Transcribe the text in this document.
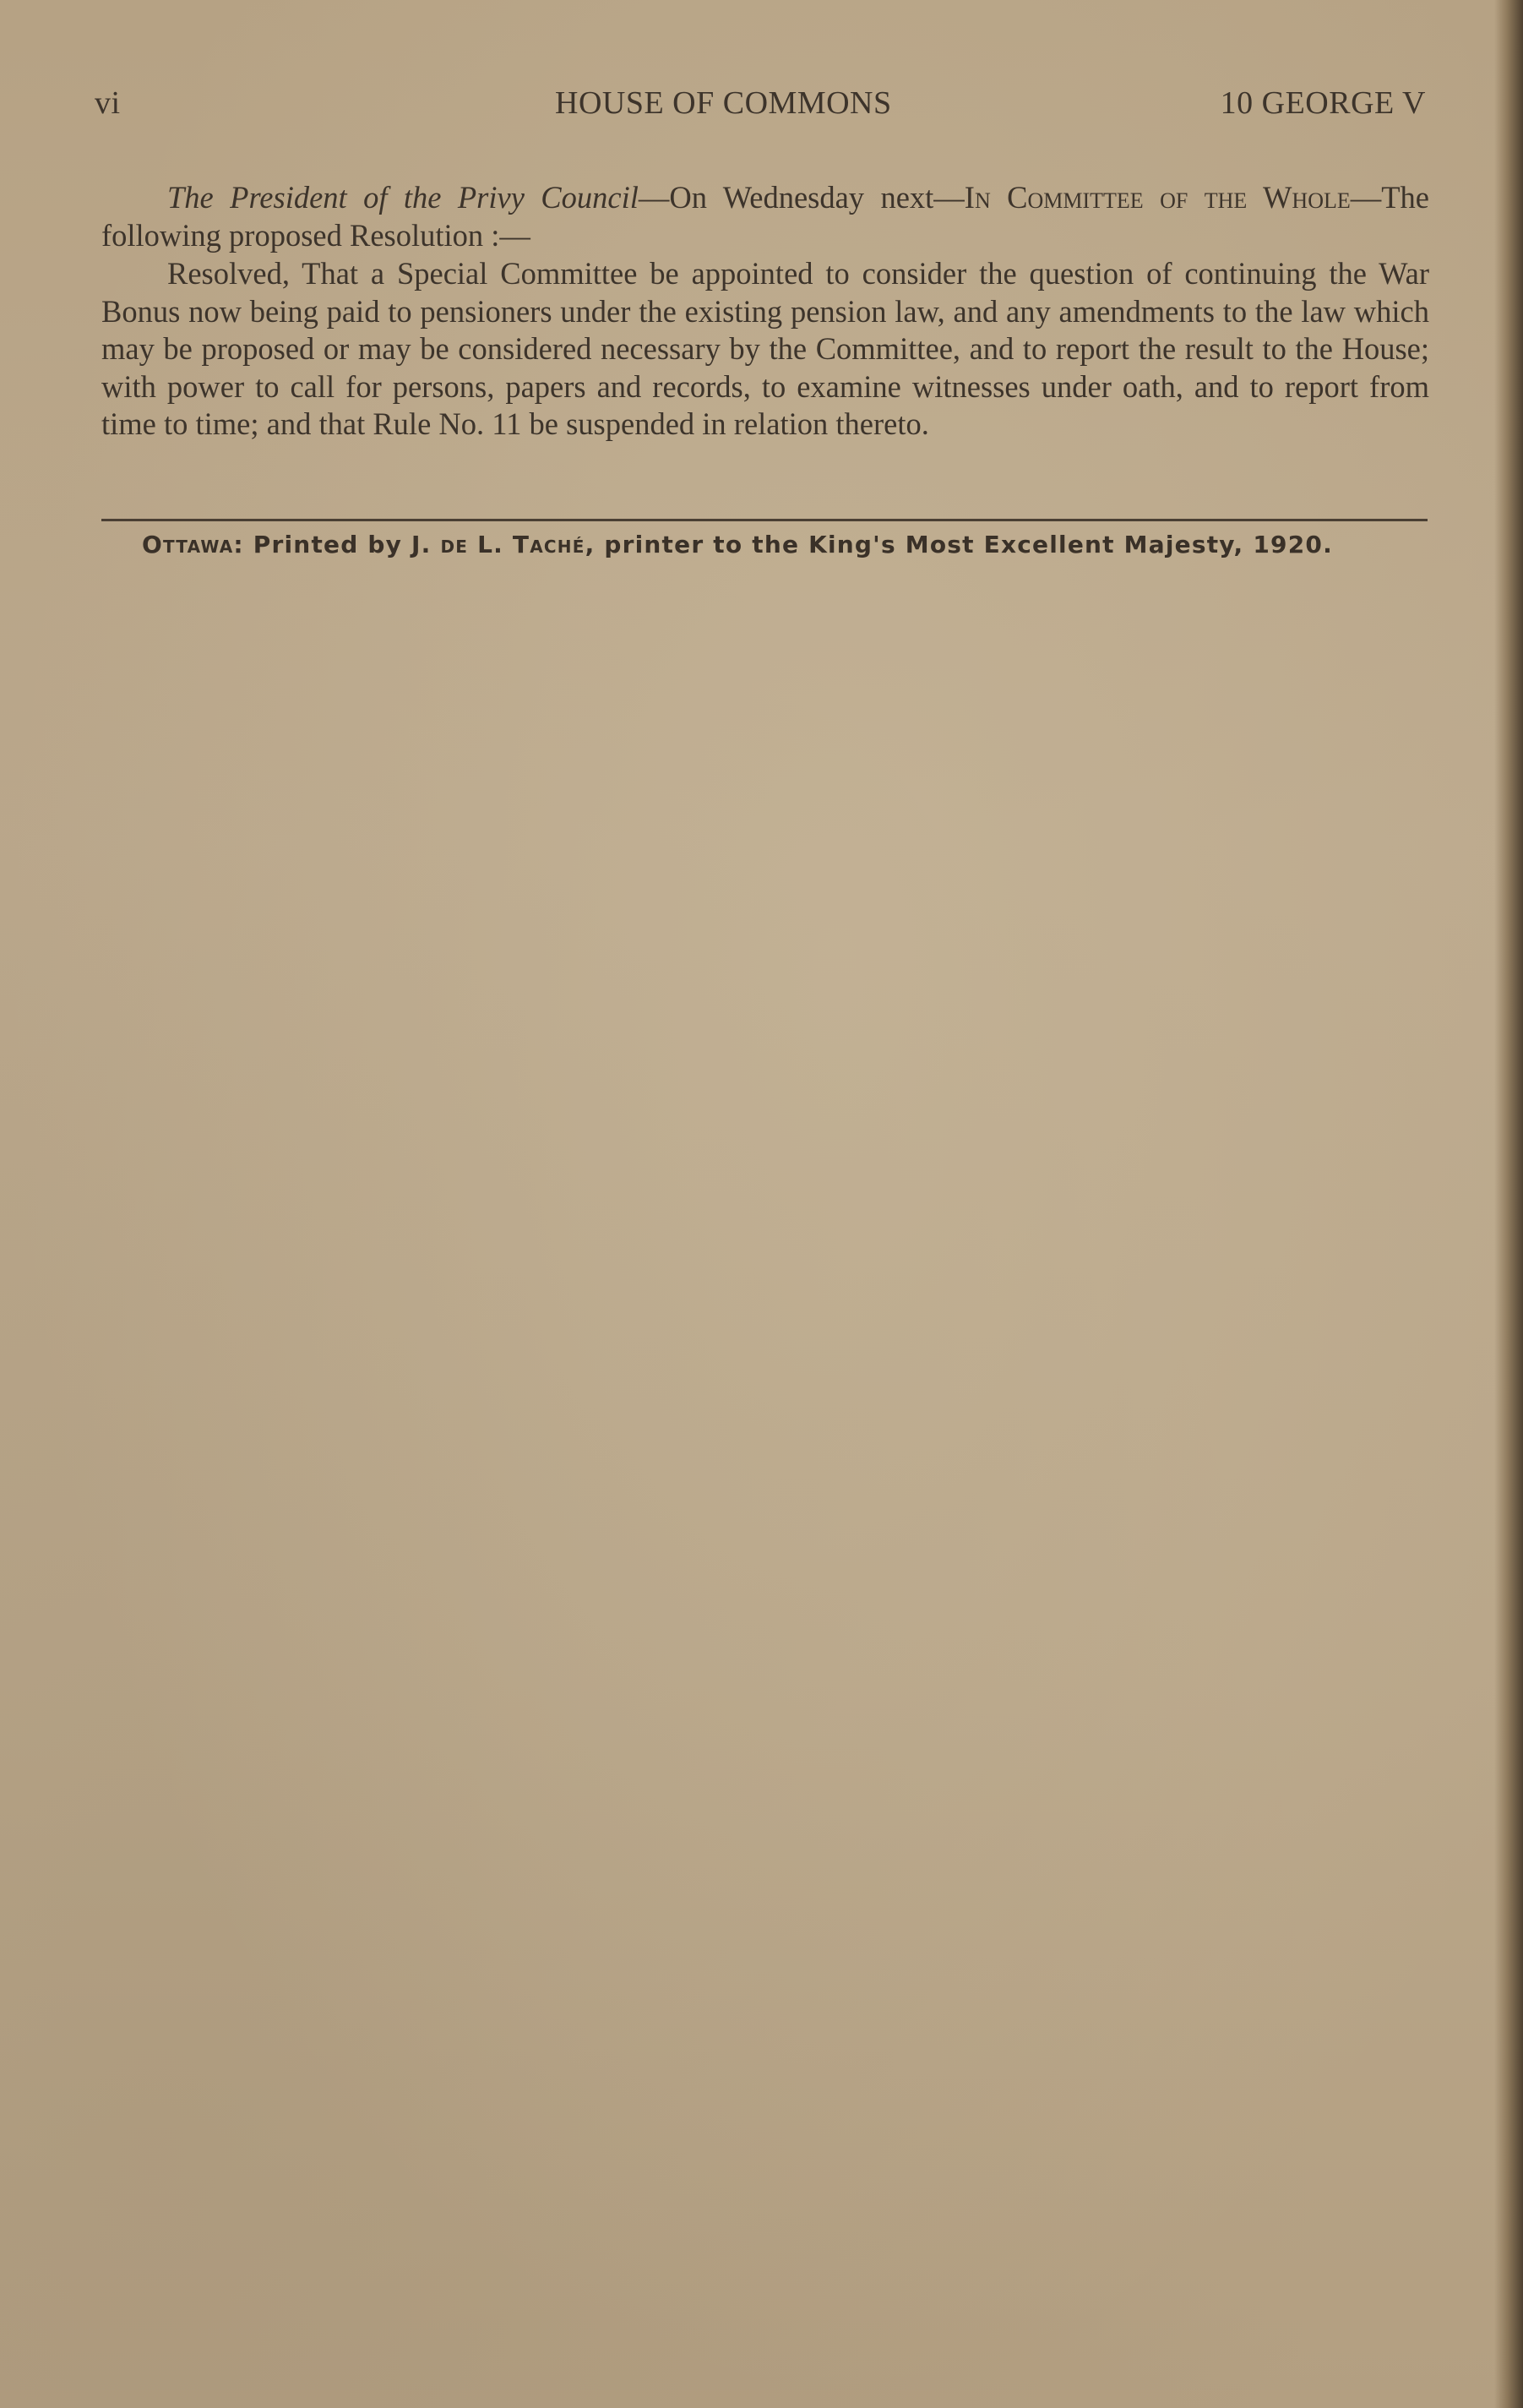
vi	HOUSE OF COMMONS	10 GEORGE V

The President of the Privy Council—On Wednesday next—In Committee of the Whole—The following proposed Resolution :—

Resolved, That a Special Committee be appointed to consider the question of continuing the War Bonus now being paid to pensioners under the existing pension law, and any amendments to the law which may be proposed or may be considered necessary by the Committee, and to report the result to the House; with power to call for persons, papers and records, to examine witnesses under oath, and to report from time to time; and that Rule No. 11 be suspended in relation thereto.

Ottawa: Printed by J. de L. Taché, printer to the King's Most Excellent Majesty, 1920.
